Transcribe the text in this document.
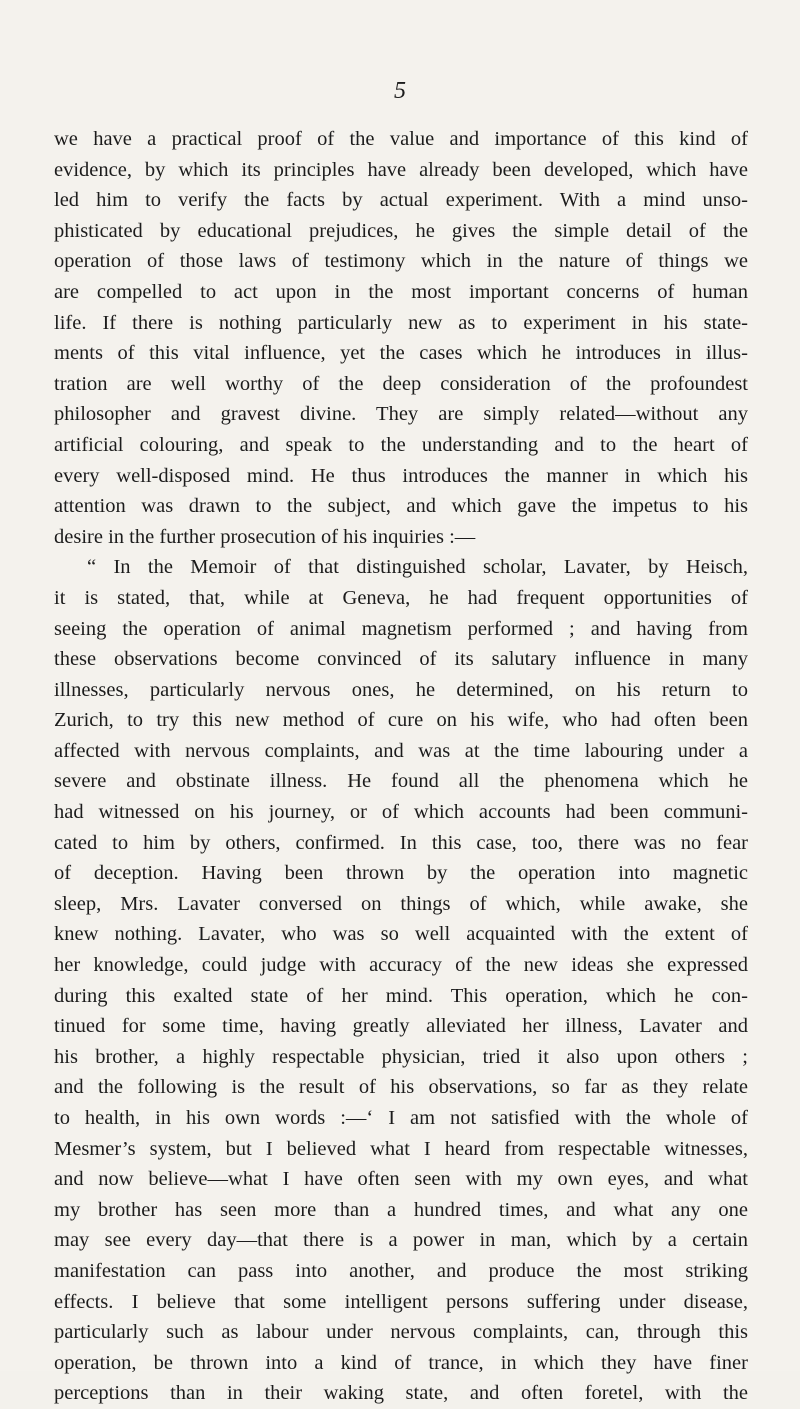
5
we have a practical proof of the value and importance of this kind of
evidence, by which its principles have already been developed, which have
led him to verify the facts by actual experiment. With a mind unso-
phisticated by educational prejudices, he gives the simple detail of the
operation of those laws of testimony which in the nature of things we
are compelled to act upon in the most important concerns of human
life. If there is nothing particularly new as to experiment in his state-
ments of this vital influence, yet the cases which he introduces in illus-
tration are well worthy of the deep consideration of the profoundest
philosopher and gravest divine. They are simply related—without any
artificial colouring, and speak to the understanding and to the heart of
every well-disposed mind. He thus introduces the manner in which his
attention was drawn to the subject, and which gave the impetus to his
desire in the further prosecution of his inquiries :—
“ In the Memoir of that distinguished scholar, Lavater, by Heisch,
it is stated, that, while at Geneva, he had frequent opportunities of
seeing the operation of animal magnetism performed ; and having from
these observations become convinced of its salutary influence in many
illnesses, particularly nervous ones, he determined, on his return to
Zurich, to try this new method of cure on his wife, who had often been
affected with nervous complaints, and was at the time labouring under a
severe and obstinate illness. He found all the phenomena which he
had witnessed on his journey, or of which accounts had been communi-
cated to him by others, confirmed. In this case, too, there was no fear
of deception. Having been thrown by the operation into magnetic
sleep, Mrs. Lavater conversed on things of which, while awake, she
knew nothing. Lavater, who was so well acquainted with the extent of
her knowledge, could judge with accuracy of the new ideas she expressed
during this exalted state of her mind. This operation, which he con-
tinued for some time, having greatly alleviated her illness, Lavater and
his brother, a highly respectable physician, tried it also upon others ;
and the following is the result of his observations, so far as they relate
to health, in his own words :—‘ I am not satisfied with the whole of
Mesmer’s system, but I believed what I heard from respectable witnesses,
and now believe—what I have often seen with my own eyes, and what
my brother has seen more than a hundred times, and what any one
may see every day—that there is a power in man, which by a certain
manifestation can pass into another, and produce the most striking
effects. I believe that some intelligent persons suffering under disease,
particularly such as labour under nervous complaints, can, through this
operation, be thrown into a kind of trance, in which they have finer
perceptions than in their waking state, and often foretel, with the
